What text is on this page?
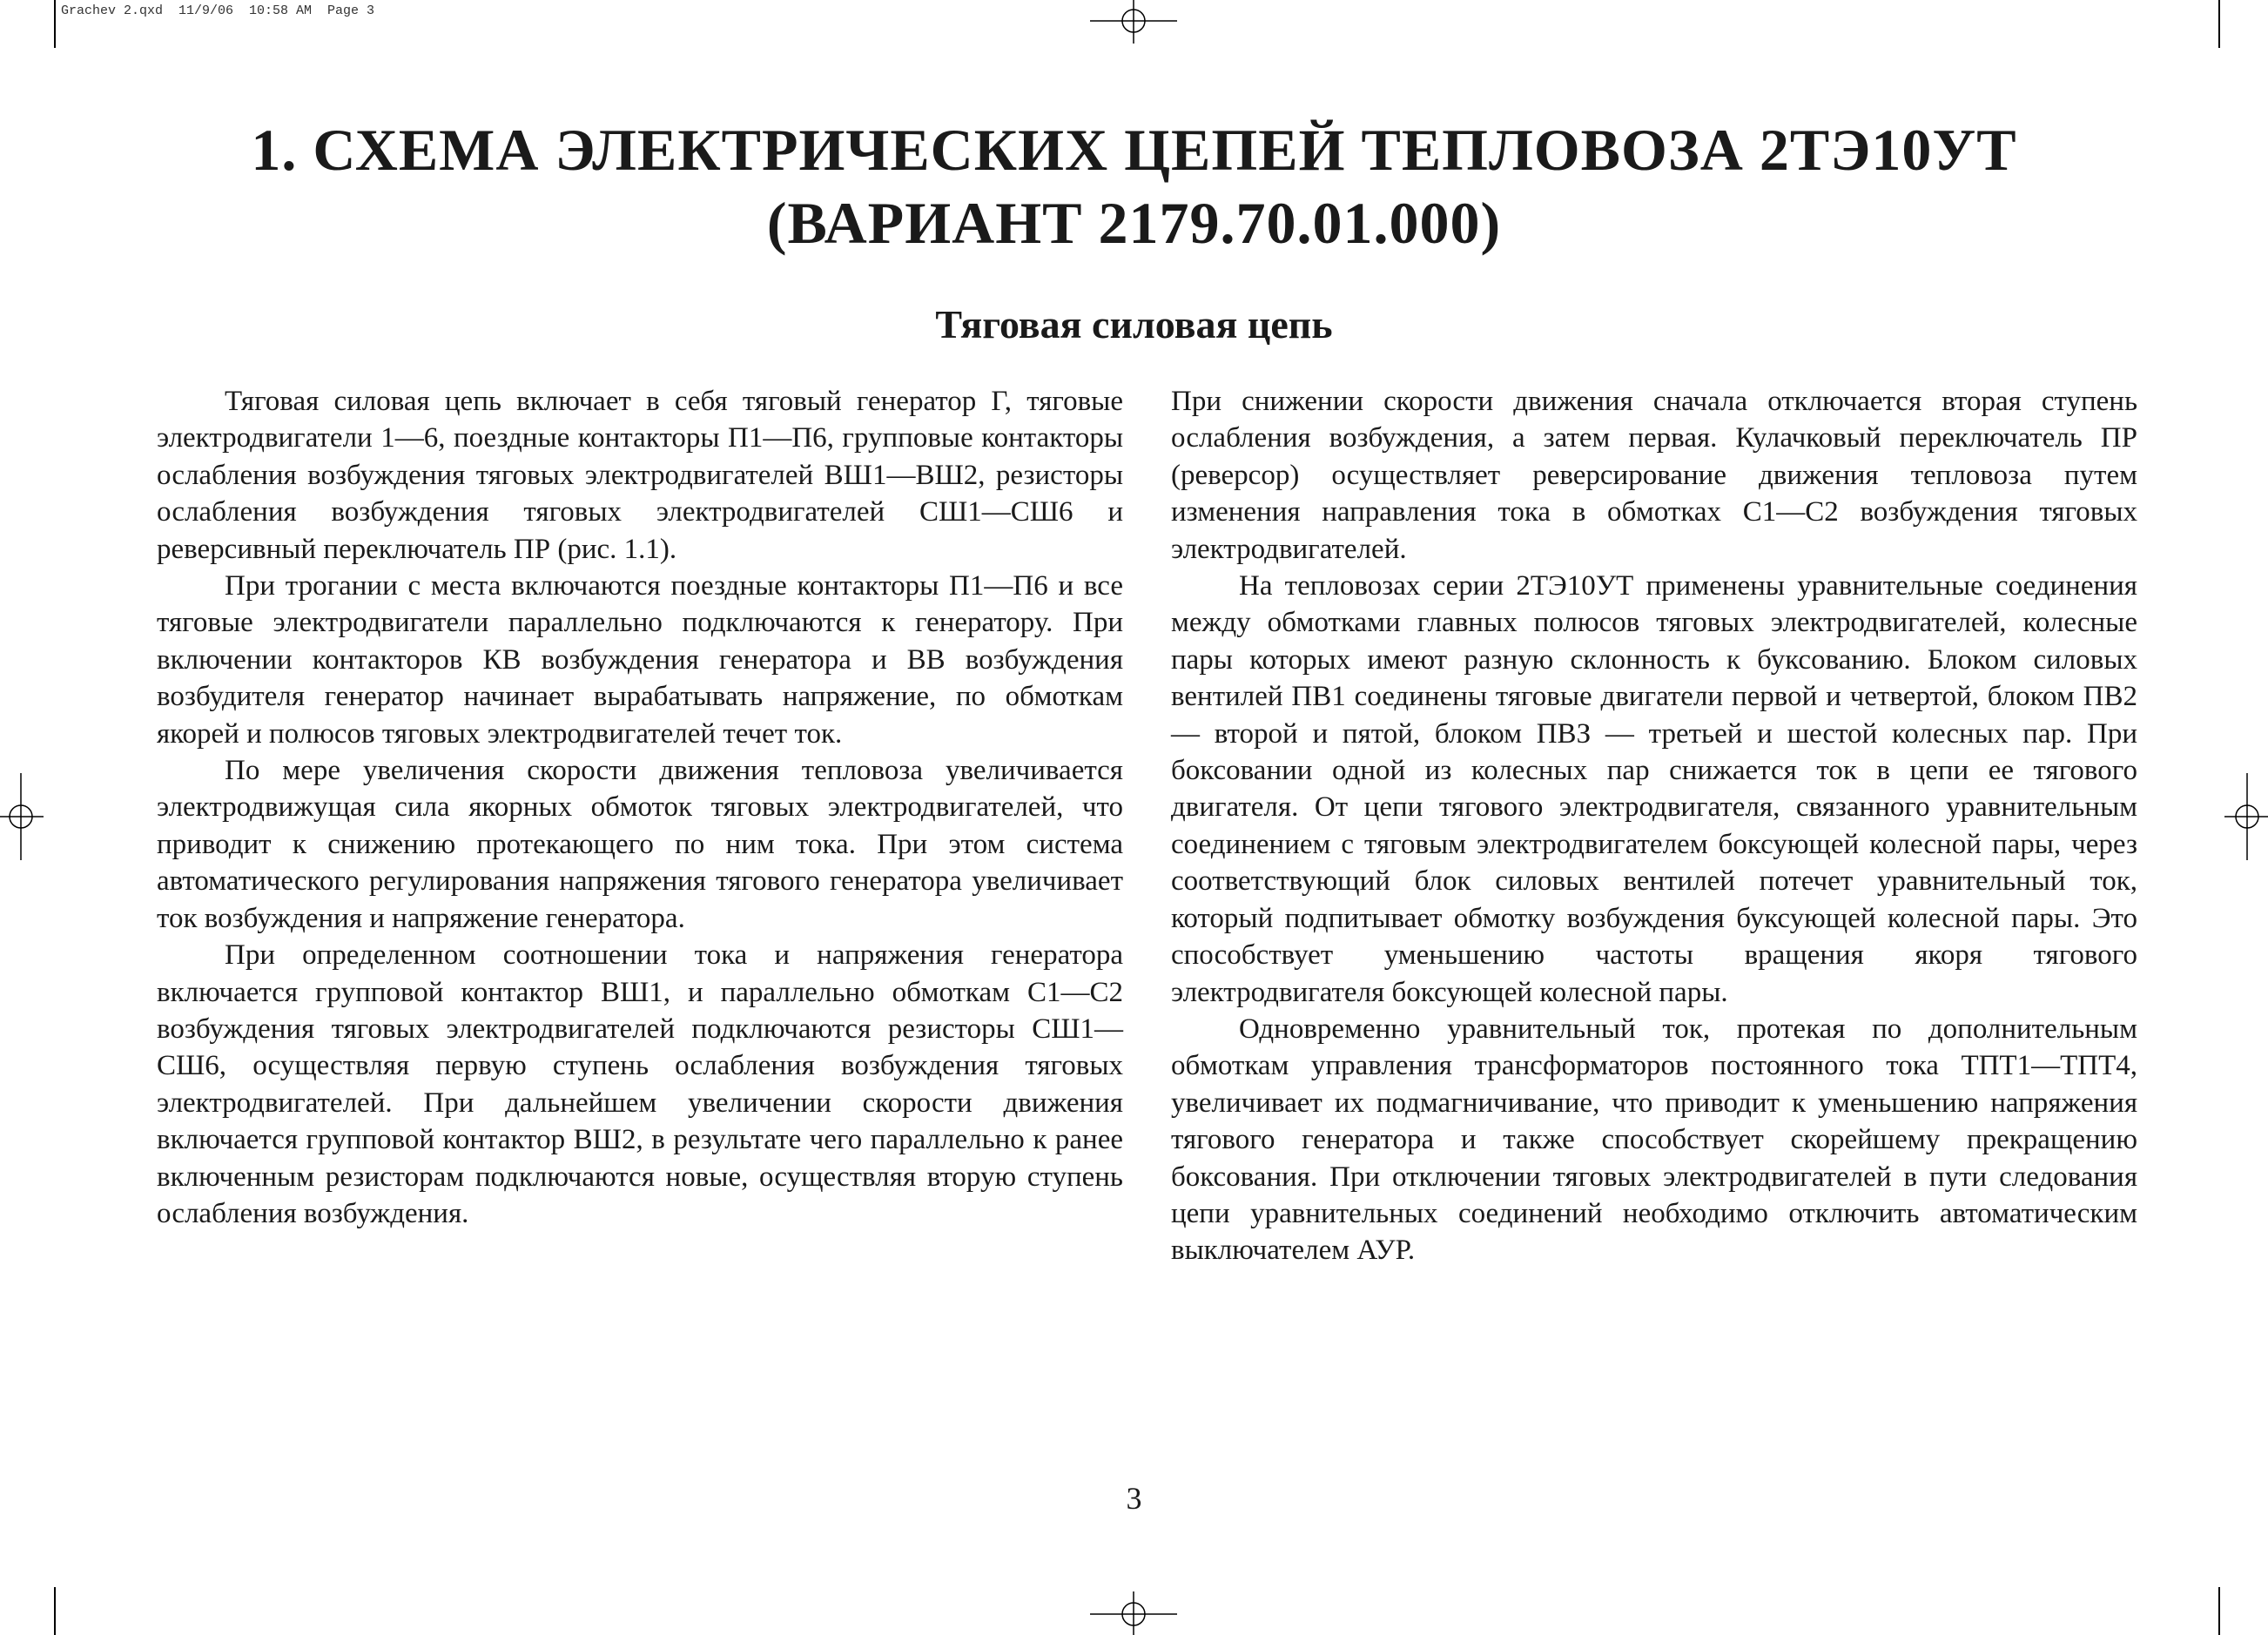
Grachev 2.qxd  11/9/06  10:58 AM  Page 3
1. СХЕМА ЭЛЕКТРИЧЕСКИХ ЦЕПЕЙ ТЕПЛОВОЗА 2ТЭ10УТ
(ВАРИАНТ 2179.70.01.000)
Тяговая силовая цепь

Тяговая силовая цепь включает в себя тяговый генератор Г, тяговые электродвигатели 1—6, поездные контакторы П1—П6, групповые контакторы ослабления возбуждения тяговых электродвигателей ВШ1—ВШ2, резисторы ослабления возбуждения тяговых электродвигателей СШ1—СШ6 и реверсивный переключатель ПР (рис. 1.1).

При трогании с места включаются поездные контакторы П1—П6 и все тяговые электродвигатели параллельно подключаются к генератору. При включении контакторов КВ возбуждения генератора и ВВ возбуждения возбудителя генератор начинает вырабатывать напряжение, по обмоткам якорей и полюсов тяговых электродвигателей течет ток.

По мере увеличения скорости движения тепловоза увеличивается электродвижущая сила якорных обмоток тяговых электродвигателей, что приводит к снижению протекающего по ним тока. При этом система автоматического регулирования напряжения тягового генератора увеличивает ток возбуждения и напряжение генератора.

При определенном соотношении тока и напряжения генератора включается групповой контактор ВШ1, и параллельно обмоткам С1—С2 возбуждения тяговых электродвигателей подключаются резисторы СШ1—СШ6, осуществляя первую ступень ослабления возбуждения тяговых электродвигателей. При дальнейшем увеличении скорости движения включается групповой контактор ВШ2, в результате чего параллельно к ранее включенным резисторам подключаются новые, осуществляя вторую ступень ослабления возбуждения.

При снижении скорости движения сначала отключается вторая ступень ослабления возбуждения, а затем первая. Кулачковый переключатель ПР (реверсор) осуществляет реверсирование движения тепловоза путем изменения направления тока в обмотках С1—С2 возбуждения тяговых электродвигателей.

На тепловозах серии 2ТЭ10УТ применены уравнительные соединения между обмотками главных полюсов тяговых электродвигателей, колесные пары которых имеют разную склонность к буксованию. Блоком силовых вентилей ПВ1 соединены тяговые двигатели первой и четвертой, блоком ПВ2 — второй и пятой, блоком ПВЗ — третьей и шестой колесных пар. При боксовании одной из колесных пар снижается ток в цепи ее тягового двигателя. От цепи тягового электродвигателя, связанного уравнительным соединением с тяговым электродвигателем боксующей колесной пары, через соответствующий блок силовых вентилей потечет уравнительный ток, который подпитывает обмотку возбуждения буксующей колесной пары. Это способствует уменьшению частоты вращения якоря тягового электродвигателя боксующей колесной пары.

Одновременно уравнительный ток, протекая по дополнительным обмоткам управления трансформаторов постоянного тока ТПТ1—ТПТ4, увеличивает их подмагничивание, что приводит к уменьшению напряжения тягового генератора и также способствует скорейшему прекращению боксования. При отключении тяговых электродвигателей в пути следования цепи уравнительных соединений необходимо отключить автоматическим выключателем АУР.

3
